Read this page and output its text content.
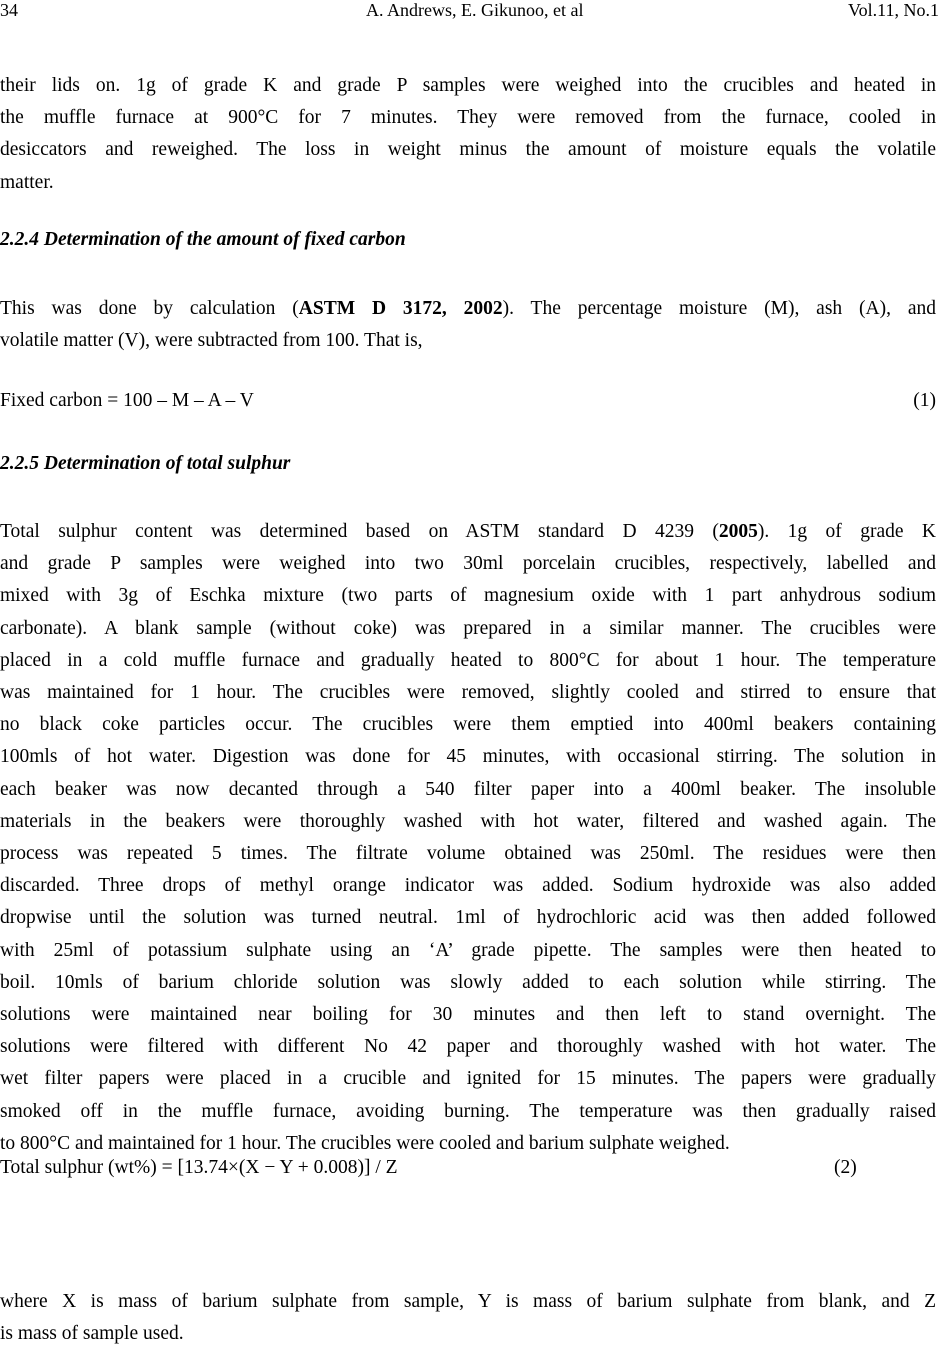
34	A. Andrews, E. Gikunoo, et al	Vol.11, No.1
their lids on. 1g of grade K and grade P samples were weighed into the crucibles and heated in
the muffle furnace at 900°C for 7 minutes. They were removed from the furnace, cooled in
desiccators and reweighed. The loss in weight minus the amount of moisture equals the volatile
matter.
2.2.4 Determination of the amount of fixed carbon
This was done by calculation (ASTM D 3172, 2002). The percentage moisture (M), ash (A), and
volatile matter (V), were subtracted from 100. That is,
Fixed carbon = 100 – M – A – V	(1)
2.2.5 Determination of total sulphur
Total sulphur content was determined based on ASTM standard D 4239 (2005). 1g of grade K
and grade P samples were weighed into two 30ml porcelain crucibles, respectively, labelled and
mixed with 3g of Eschka mixture (two parts of magnesium oxide with 1 part anhydrous sodium
carbonate). A blank sample (without coke) was prepared in a similar manner. The crucibles were
placed in a cold muffle furnace and gradually heated to 800°C for about 1 hour. The temperature
was maintained for 1 hour. The crucibles were removed, slightly cooled and stirred to ensure that
no black coke particles occur. The crucibles were them emptied into 400ml beakers containing
100mls of hot water. Digestion was done for 45 minutes, with occasional stirring. The solution in
each beaker was now decanted through a 540 filter paper into a 400ml beaker. The insoluble
materials in the beakers were thoroughly washed with hot water, filtered and washed again. The
process was repeated 5 times. The filtrate volume obtained was 250ml. The residues were then
discarded. Three drops of methyl orange indicator was added. Sodium hydroxide was also added
dropwise until the solution was turned neutral. 1ml of hydrochloric acid was then added followed
with 25ml of potassium sulphate using an ‘A’ grade pipette. The samples were then heated to
boil. 10mls of barium chloride solution was slowly added to each solution while stirring. The
solutions were maintained near boiling for 30 minutes and then left to stand overnight. The
solutions were filtered with different No 42 paper and thoroughly washed with hot water. The
wet filter papers were placed in a crucible and ignited for 15 minutes. The papers were gradually
smoked off in the muffle furnace, avoiding burning. The temperature was then gradually raised
to 800°C and maintained for 1 hour. The crucibles were cooled and barium sulphate weighed.
Total sulphur (wt%) = [13.74×(X − Y + 0.008)] / Z	(2)
where X is mass of barium sulphate from sample, Y is mass of barium sulphate from blank, and Z
is mass of sample used.
